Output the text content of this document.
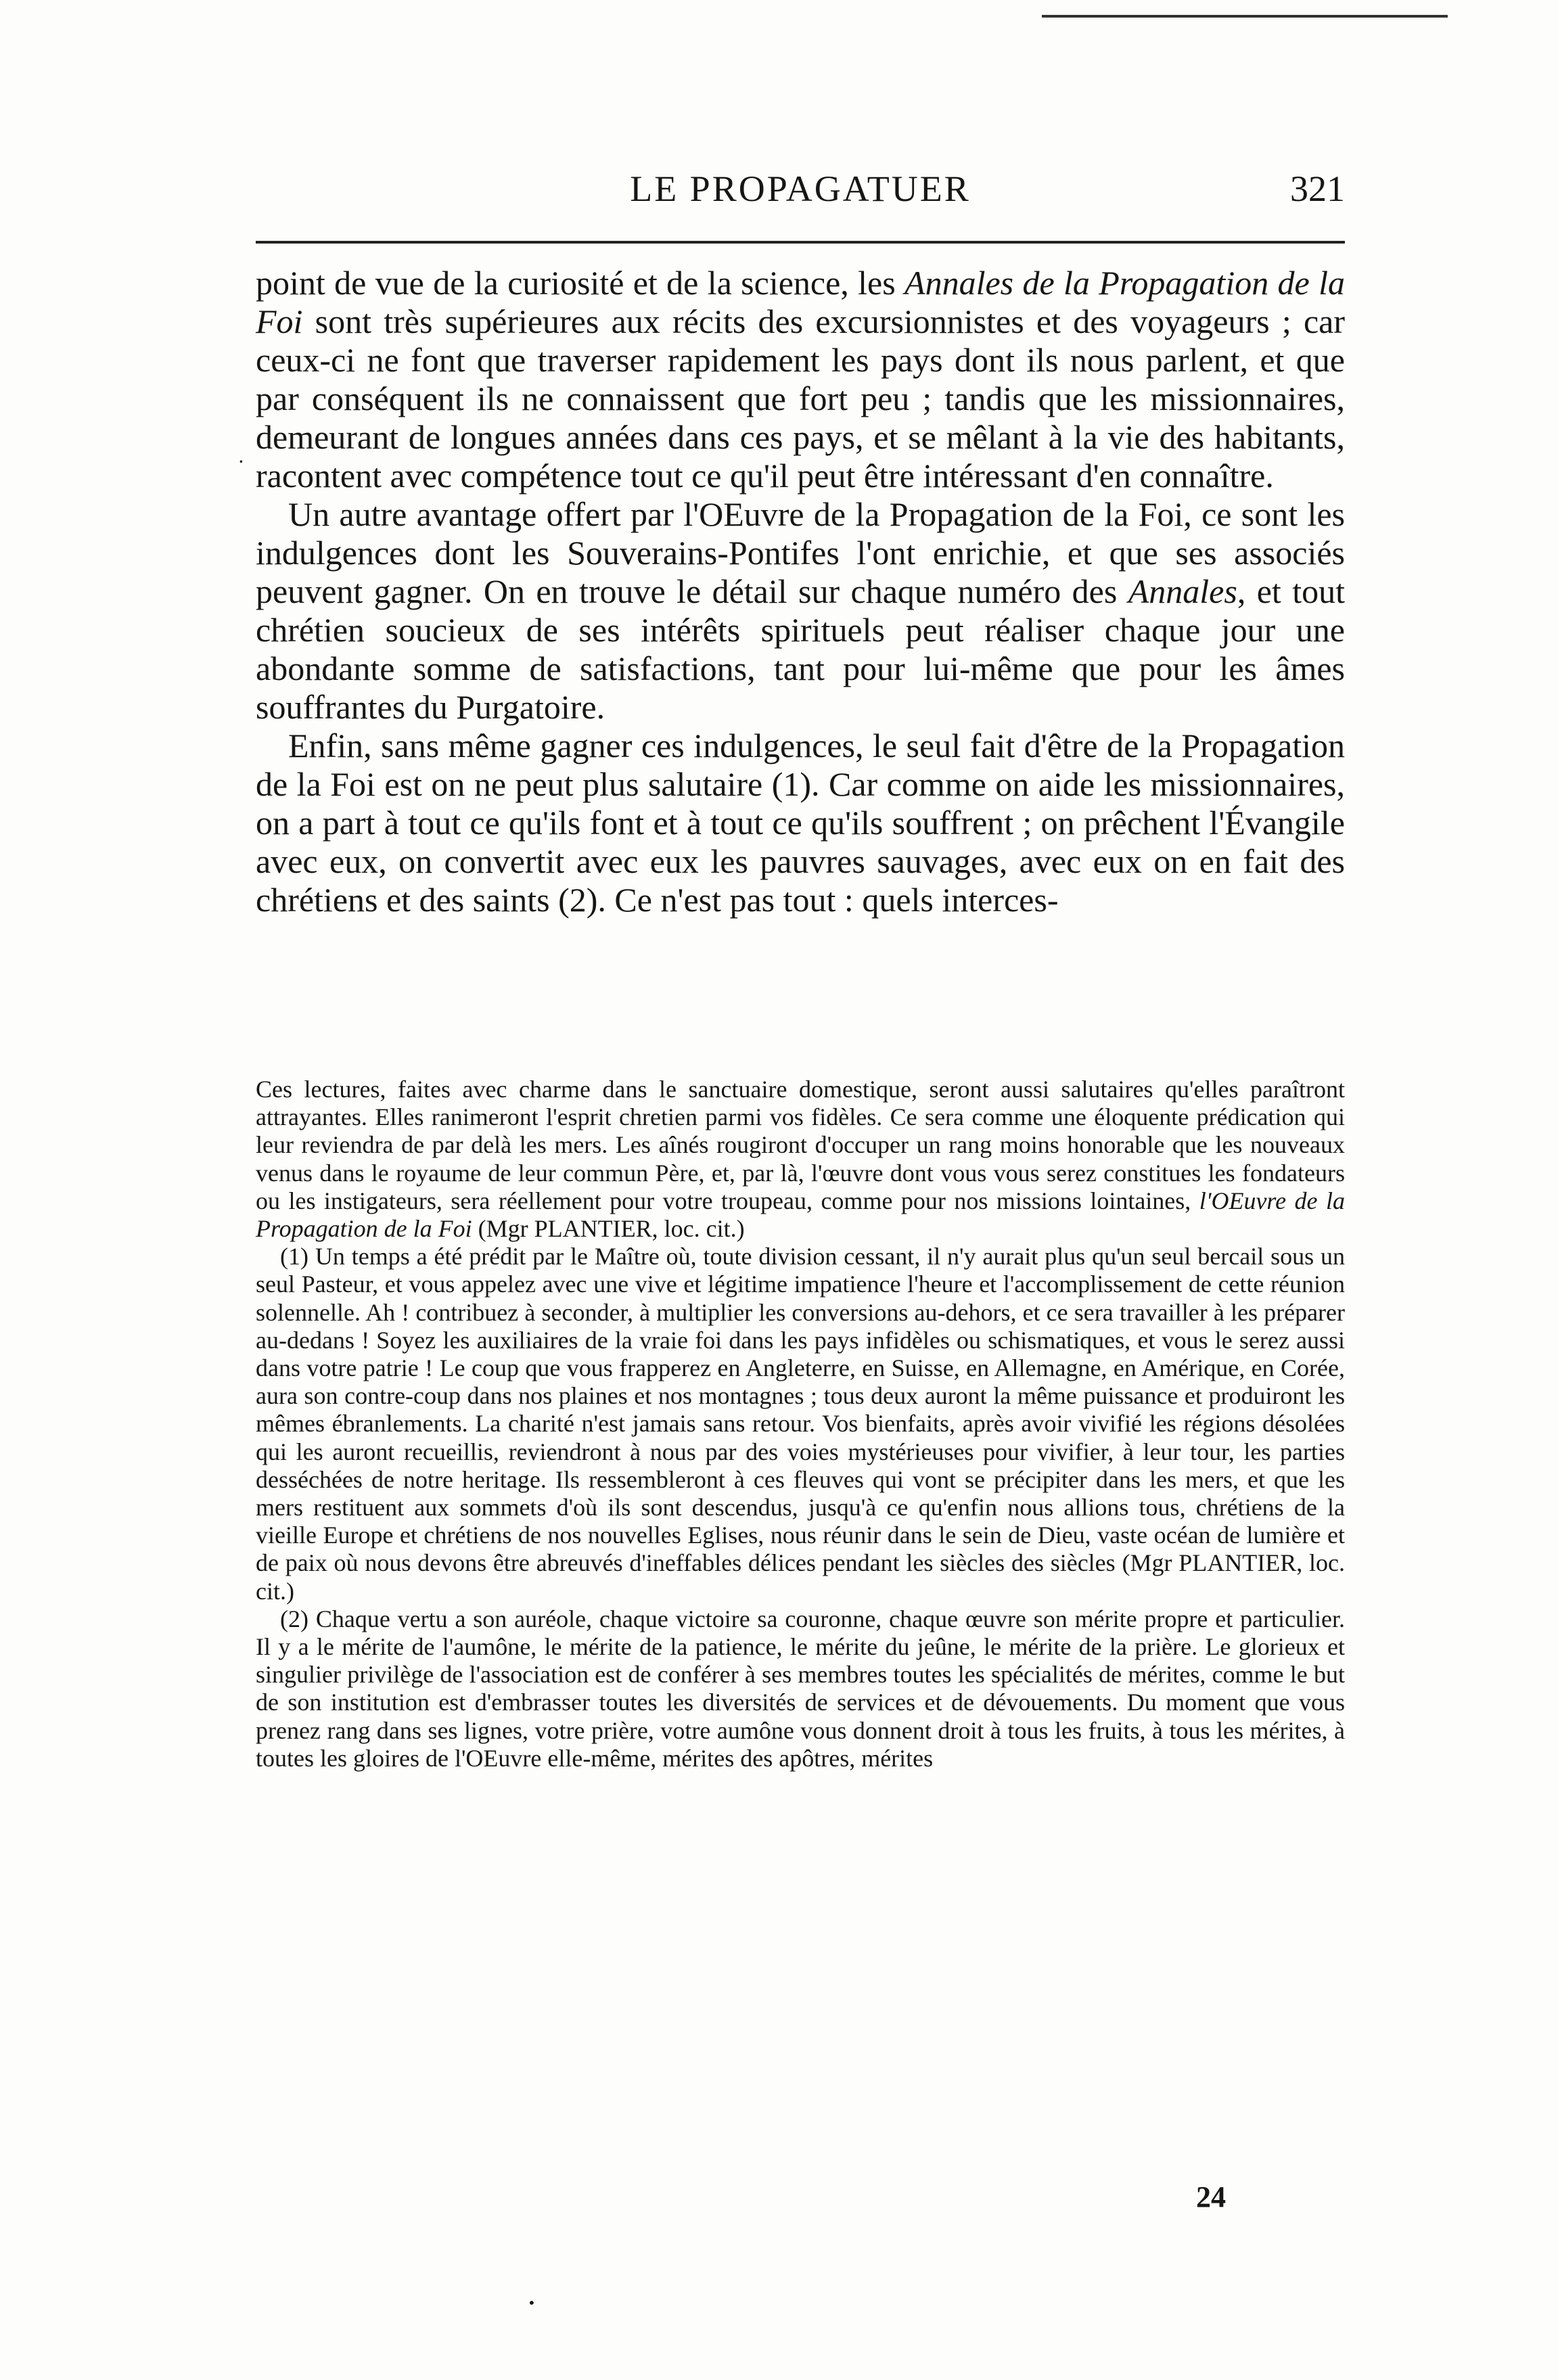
LE PROPAGATUER	321
·

point de vue de la curiosité et de la science, les Annales de la Propagation de la Foi sont très supérieures aux récits des excursionnistes et des voyageurs ; car ceux-ci ne font que traverser rapidement les pays dont ils nous parlent, et que par conséquent ils ne connaissent que fort peu ; tandis que les missionnaires, demeurant de longues années dans ces pays, et se mêlant à la vie des habitants, racontent avec compétence tout ce qu'il peut être intéressant d'en connaître.

Un autre avantage offert par l'OEuvre de la Propagation de la Foi, ce sont les indulgences dont les Souverains-Pontifes l'ont enrichie, et que ses associés peuvent gagner. On en trouve le détail sur chaque numéro des Annales, et tout chrétien soucieux de ses intérêts spirituels peut réaliser chaque jour une abondante somme de satisfactions, tant pour lui-même que pour les âmes souffrantes du Purgatoire.

Enfin, sans même gagner ces indulgences, le seul fait d'être de la Propagation de la Foi est on ne peut plus salutaire (1). Car comme on aide les missionnaires, on a part à tout ce qu'ils font et à tout ce qu'ils souffrent ; on prêchent l'Évangile avec eux, on convertit avec eux les pauvres sauvages, avec eux on en fait des chrétiens et des saints (2). Ce n'est pas tout : quels interces-

Ces lectures, faites avec charme dans le sanctuaire domestique, seront aussi salutaires qu'elles paraîtront attrayantes. Elles ranimeront l'esprit chretien parmi vos fidèles. Ce sera comme une éloquente prédication qui leur reviendra de par delà les mers. Les aînés rougiront d'occuper un rang moins honorable que les nouveaux venus dans le royaume de leur commun Père, et, par là, l'œuvre dont vous vous serez constitues les fondateurs ou les instigateurs, sera réellement pour votre troupeau, comme pour nos missions lointaines, l'OEuvre de la Propagation de la Foi (Mgr PLANTIER, loc. cit.)

(1) Un temps a été prédit par le Maître où, toute division cessant, il n'y aurait plus qu'un seul bercail sous un seul Pasteur, et vous appelez avec une vive et légitime impatience l'heure et l'accomplissement de cette réunion solennelle. Ah ! contribuez à seconder, à multiplier les conversions au-dehors, et ce sera travailler à les préparer au-dedans ! Soyez les auxiliaires de la vraie foi dans les pays infidèles ou schismatiques, et vous le serez aussi dans votre patrie ! Le coup que vous frapperez en Angleterre, en Suisse, en Allemagne, en Amérique, en Corée, aura son contre-coup dans nos plaines et nos montagnes ; tous deux auront la même puissance et produiront les mêmes ébranlements. La charité n'est jamais sans retour. Vos bienfaits, après avoir vivifié les régions désolées qui les auront recueillis, reviendront à nous par des voies mystérieuses pour vivifier, à leur tour, les parties desséchées de notre heritage. Ils ressembleront à ces fleuves qui vont se précipiter dans les mers, et que les mers restituent aux sommets d'où ils sont descendus, jusqu'à ce qu'enfin nous allions tous, chrétiens de la vieille Europe et chrétiens de nos nouvelles Eglises, nous réunir dans le sein de Dieu, vaste océan de lumière et de paix où nous devons être abreuvés d'ineffables délices pendant les siècles des siècles (Mgr PLANTIER, loc. cit.)

(2) Chaque vertu a son auréole, chaque victoire sa couronne, chaque œuvre son mérite propre et particulier. Il y a le mérite de l'aumône, le mérite de la patience, le mérite du jeûne, le mérite de la prière. Le glorieux et singulier privilège de l'association est de conférer à ses membres toutes les spécialités de mérites, comme le but de son institution est d'embrasser toutes les diversités de services et de dévouements. Du moment que vous prenez rang dans ses lignes, votre prière, votre aumône vous donnent droit à tous les fruits, à tous les mérites, à toutes les gloires de l'OEuvre elle-même, mérites des apôtres, mérites

24
•
